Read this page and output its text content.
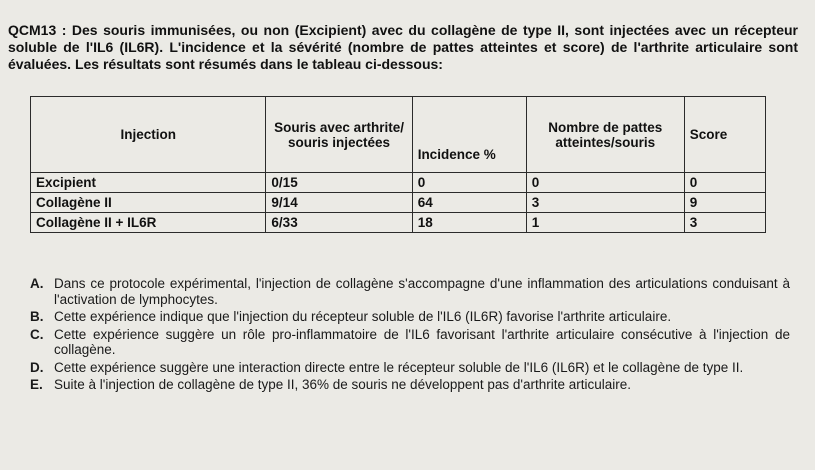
QCM13 : Des souris immunisées, ou non (Excipient) avec du collagène de type II, sont injectées avec un récepteur soluble de l'IL6 (IL6R). L'incidence et la sévérité (nombre de pattes atteintes et score) de l'arthrite articulaire sont évaluées. Les résultats sont résumés dans le tableau ci-dessous:

Injection	Souris avec arthrite/ souris injectées	Incidence %	Nombre de pattes atteintes/souris	Score
Excipient	0/15	0	0	0
Collagène II	9/14	64	3	9
Collagène II + IL6R	6/33	18	1	3
A. Dans ce protocole expérimental, l'injection de collagène s'accompagne d'une inflammation des articulations conduisant à l'activation de lymphocytes.
B. Cette expérience indique que l'injection du récepteur soluble de l'IL6 (IL6R) favorise l'arthrite articulaire.
C. Cette expérience suggère un rôle pro-inflammatoire de l'IL6 favorisant l'arthrite articulaire consécutive à l'injection de collagène.
D. Cette expérience suggère une interaction directe entre le récepteur soluble de l'IL6 (IL6R) et le collagène de type II.
E. Suite à l'injection de collagène de type II, 36% de souris ne développent pas d'arthrite articulaire.
